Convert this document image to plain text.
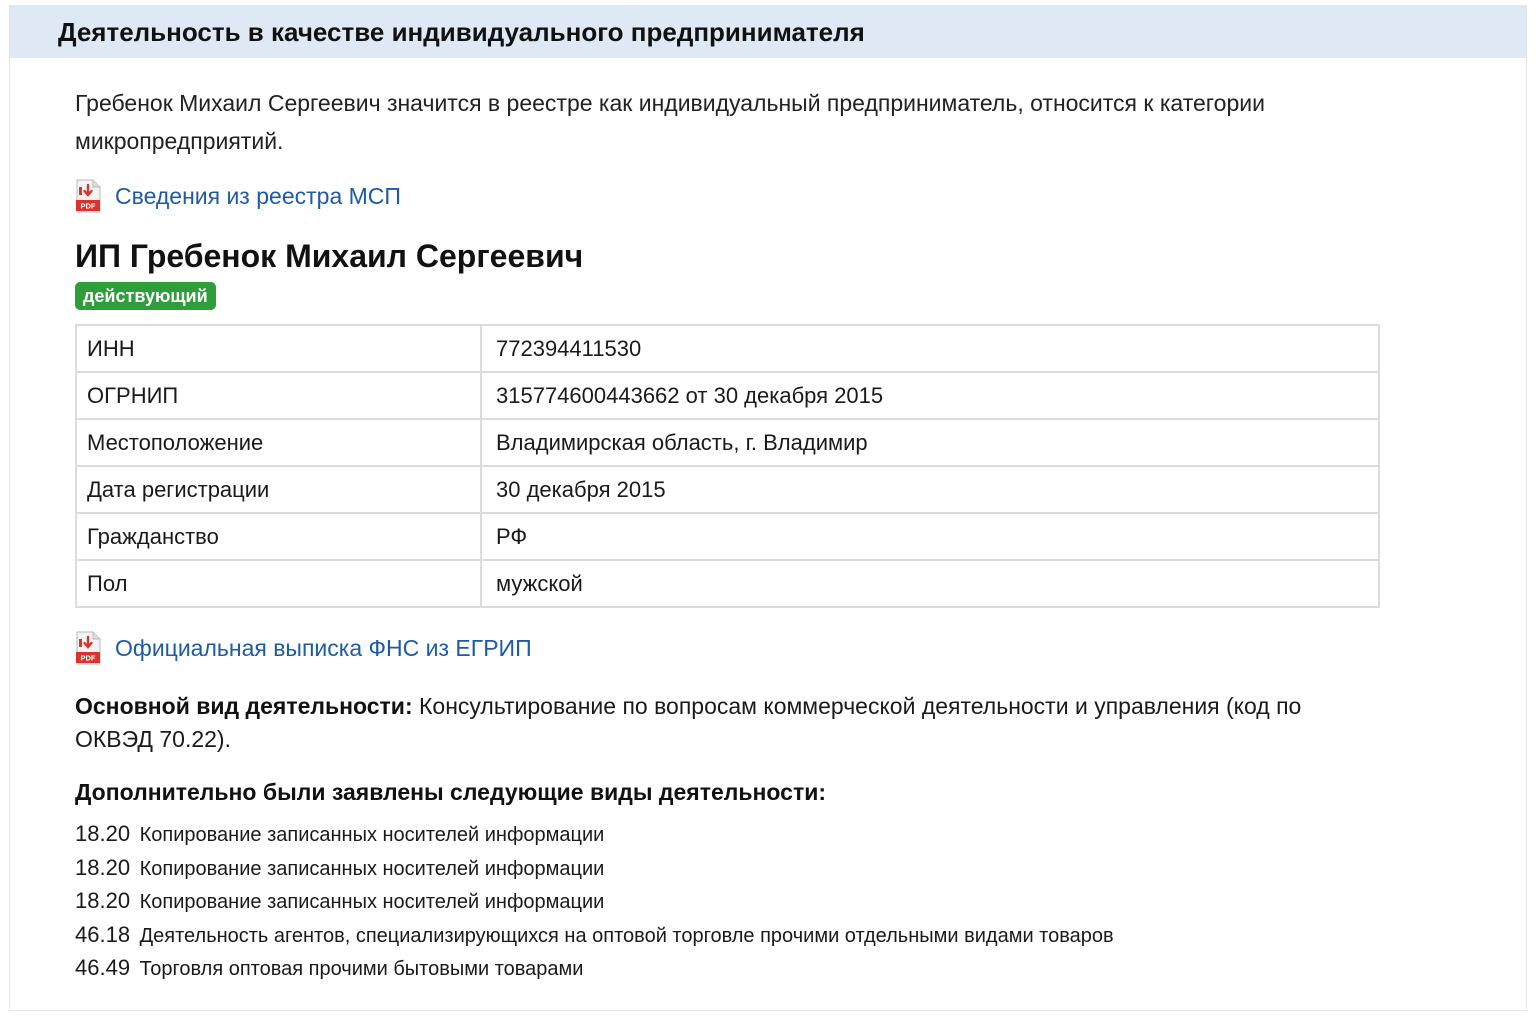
Деятельность в качестве индивидуального предпринимателя

Гребенок Михаил Сергеевич значится в реестре как индивидуальный предприниматель, относится к категории микропредприятий.

PDF Сведения из реестра МСП
ИП Гребенок Михаил Сергеевич
действующий
ИНН	772394411530
ОГРНИП	315774600443662 от 30 декабря 2015
Местоположение	Владимирская область, г. Владимир
Дата регистрации	30 декабря 2015
Гражданство	РФ
Пол	мужской
PDF Официальная выписка ФНС из ЕГРИП

Основной вид деятельности: Консультирование по вопросам коммерческой деятельности и управления (код по ОКВЭД 70.22).

Дополнительно были заявлены следующие виды деятельности:
18.20 Копирование записанных носителей информации
18.20 Копирование записанных носителей информации
18.20 Копирование записанных носителей информации
46.18 Деятельность агентов, специализирующихся на оптовой торговле прочими отдельными видами товаров
46.49 Торговля оптовая прочими бытовыми товарами
